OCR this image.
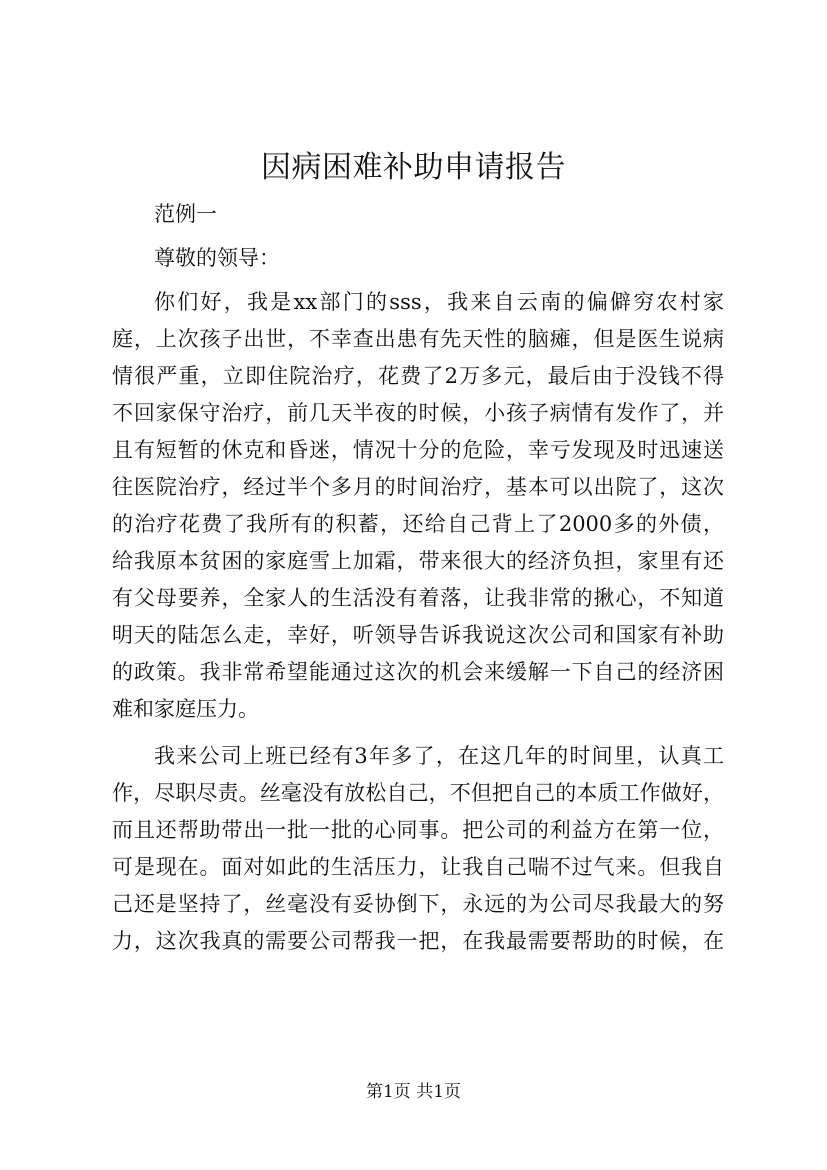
因病困难补助申请报告
范例一
尊敬的领导：
你们好，我是xx部门的sss，我来自云南的偏僻穷农村家
庭，上次孩子出世，不幸查出患有先天性的脑瘫，但是医生说病
情很严重，立即住院治疗，花费了2万多元，最后由于没钱不得
不回家保守治疗，前几天半夜的时候，小孩子病情有发作了，并
且有短暂的休克和昏迷，情况十分的危险，幸亏发现及时迅速送
往医院治疗，经过半个多月的时间治疗，基本可以出院了，这次
的治疗花费了我所有的积蓄，还给自己背上了2000多的外债，
给我原本贫困的家庭雪上加霜，带来很大的经济负担，家里有还
有父母要养，全家人的生活没有着落，让我非常的揪心，不知道
明天的陆怎么走，幸好，听领导告诉我说这次公司和国家有补助
的政策。我非常希望能通过这次的机会来缓解一下自己的经济困
难和家庭压力。
我来公司上班已经有3年多了，在这几年的时间里，认真工
作，尽职尽责。丝毫没有放松自己，不但把自己的本质工作做好，
而且还帮助带出一批一批的心同事。把公司的利益方在第一位，
可是现在。面对如此的生活压力，让我自己喘不过气来。但我自
己还是坚持了，丝毫没有妥协倒下，永远的为公司尽我最大的努
力，这次我真的需要公司帮我一把，在我最需要帮助的时候，在
第1页 共1页
